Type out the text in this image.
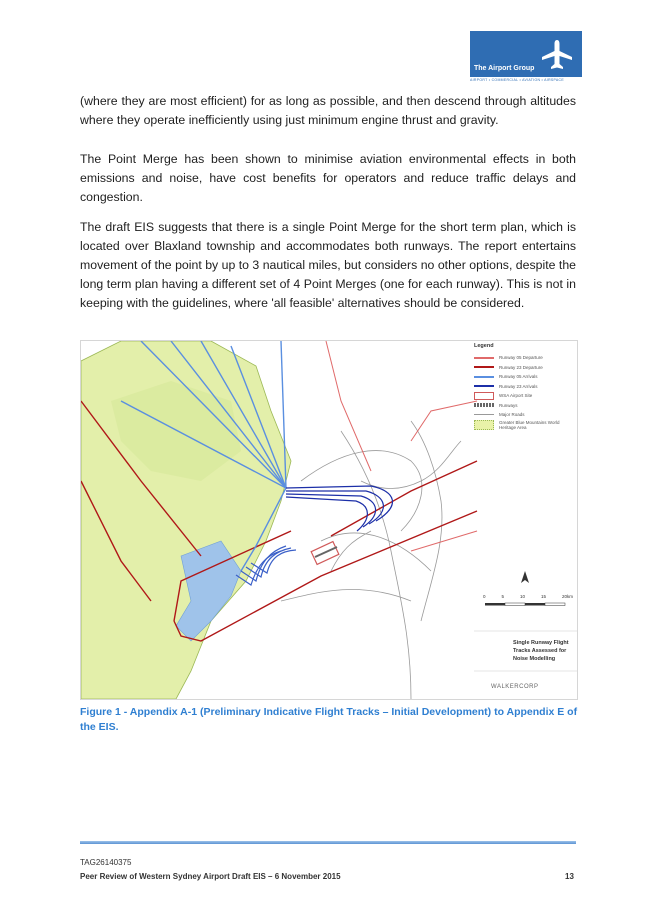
The Airport Group
AIRPORT • COMMERCIAL • AVIATION • AIRSPACE

(where they are most efficient) for as long as possible, and then descend through altitudes where they operate inefficiently using just minimum engine thrust and gravity.

The Point Merge has been shown to minimise aviation environmental effects in both emissions and noise, have cost benefits for operators and reduce traffic delays and congestion.

The draft EIS suggests that there is a single Point Merge for the short term plan, which is located over Blaxland township and accommodates both runways. The report entertains movement of the point by up to 3 nautical miles, but considers no other options, despite the long term plan having a different set of 4 Point Merges (one for each runway). This is not in keeping with the guidelines, where 'all feasible' alternatives should be considered.

Legend
Runway 05 Departure
Runway 23 Departure
Runway 05 Arrivals
Runway 23 Arrivals
WSA Airport Site
Runways
Major Roads
Greater Blue Mountains World Heritage Area
0	5	10	15	20km
Single Runway Flight Tracks Assessed for Noise Modelling
WALKERCORP
Figure 1 - Appendix A-1 (Preliminary Indicative Flight Tracks – Initial Development) to Appendix E of the EIS.
TAG26140375
Peer Review of Western Sydney Airport Draft EIS – 6 November 2015	13
